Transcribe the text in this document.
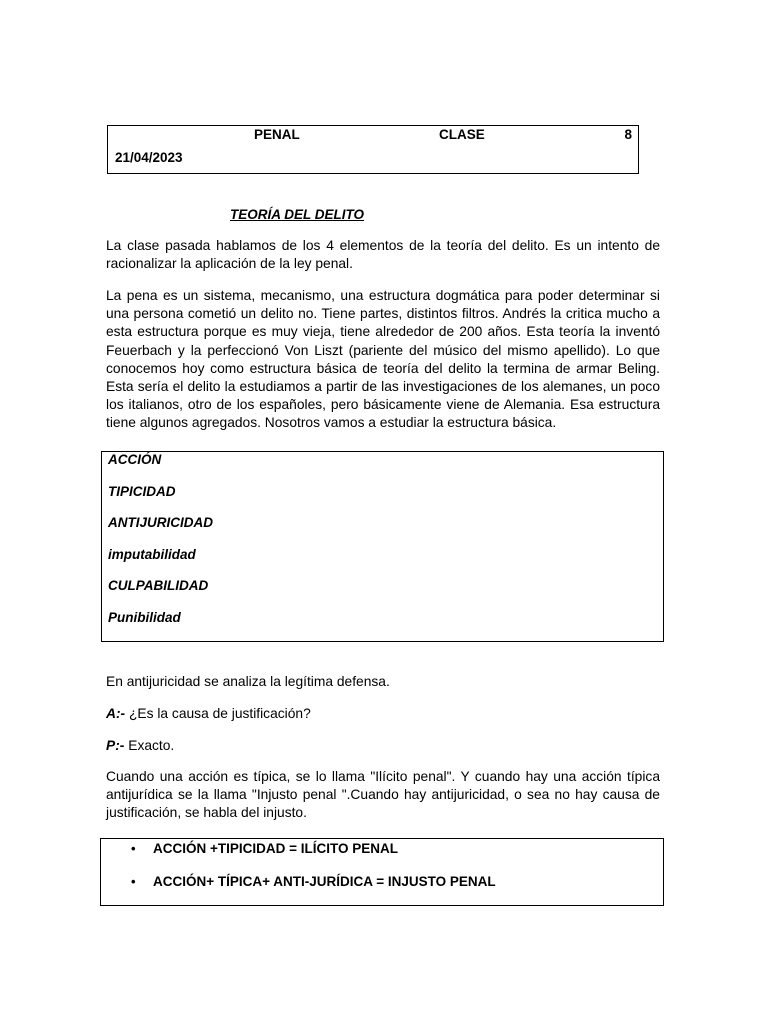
PENAL	CLASE	8
21/04/2023
TEORÍA DEL DELITO

La clase pasada hablamos de los 4 elementos de la teoría del delito. Es un intento de racionalizar la aplicación de la ley penal.

La pena es un sistema, mecanismo, una estructura dogmática para poder determinar si una persona cometió un delito no. Tiene partes, distintos filtros. Andrés la critica mucho a esta estructura porque es muy vieja, tiene alrededor de 200 años. Esta teoría la inventó Feuerbach y la perfeccionó Von Liszt (pariente del músico del mismo apellido). Lo que conocemos hoy como estructura básica de teoría del delito la termina de armar Beling. Esta sería el delito la estudiamos a partir de las investigaciones de los alemanes, un poco los italianos, otro de los españoles, pero básicamente viene de Alemania. Esa estructura tiene algunos agregados. Nosotros vamos a estudiar la estructura básica.

ACCIÓN
TIPICIDAD
ANTIJURICIDAD
imputabilidad
CULPABILIDAD
Punibilidad

En antijuricidad se analiza la legítima defensa.

A:- ¿Es la causa de justificación?

P:- Exacto.

Cuando una acción es típica, se lo llama "Ilícito penal". Y cuando hay una acción típica antijurídica se la llama "Injusto penal ".Cuando hay antijuricidad, o sea no hay causa de justificación, se habla del injusto.

• ACCIÓN +TIPICIDAD = ILÍCITO PENAL
• ACCIÓN+ TÍPICA+ ANTI-JURÍDICA = INJUSTO PENAL
